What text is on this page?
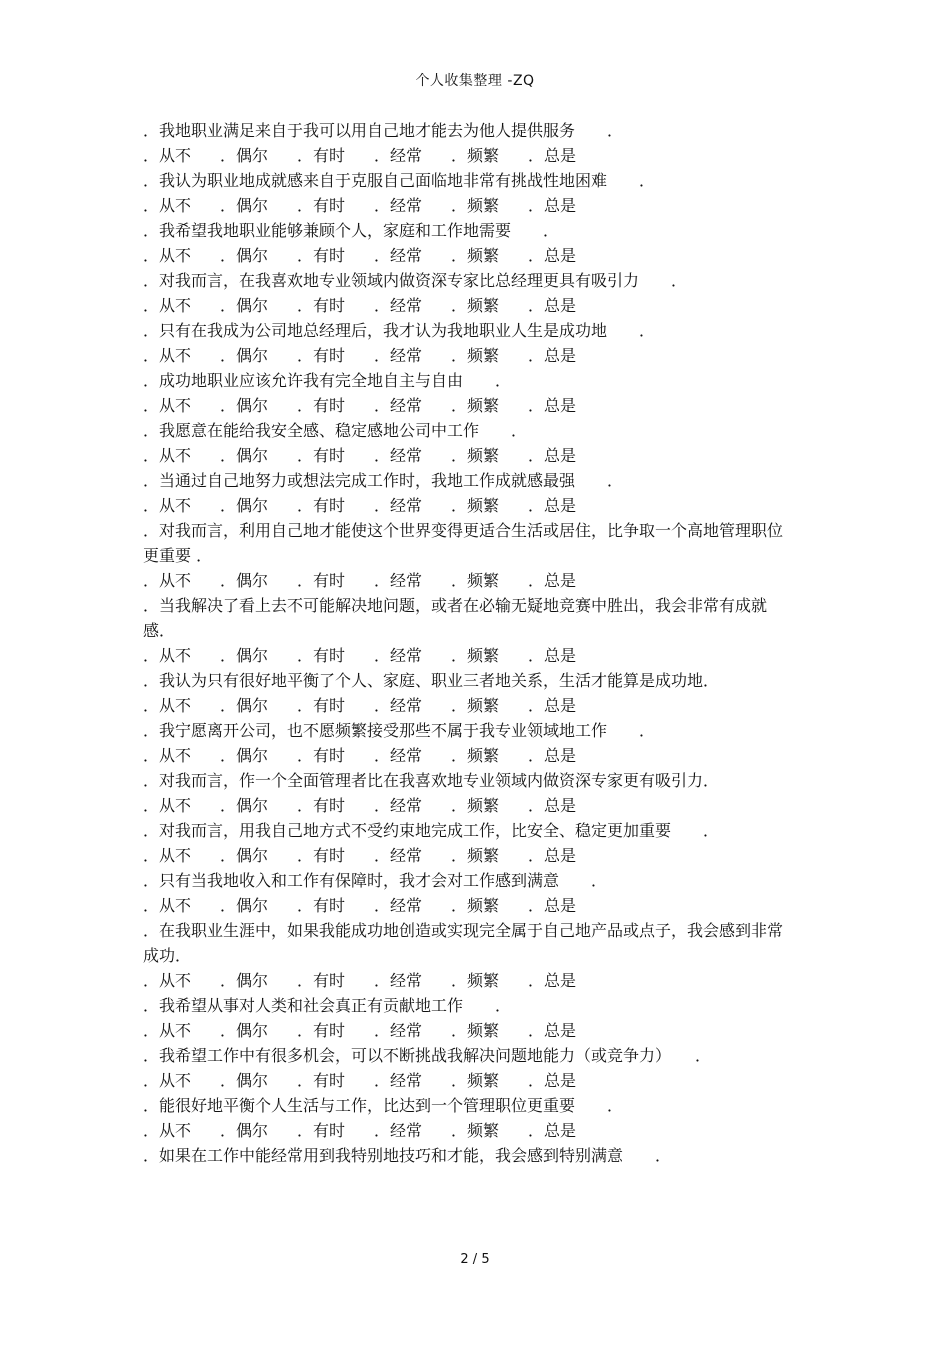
个人收集整理 -ZQ
．我地职业满足来自于我可以用自己地才能去为他人提供服务　　．
．从不	．偶尔	．有时	．经常	．频繁	．总是
．我认为职业地成就感来自于克服自己面临地非常有挑战性地困难　　．
．从不	．偶尔	．有时	．经常	．频繁	．总是
．我希望我地职业能够兼顾个人，家庭和工作地需要　　．
．从不	．偶尔	．有时	．经常	．频繁	．总是
．对我而言，在我喜欢地专业领域内做资深专家比总经理更具有吸引力　　．
．从不	．偶尔	．有时	．经常	．频繁	．总是
．只有在我成为公司地总经理后，我才认为我地职业人生是成功地　　．
．从不	．偶尔	．有时	．经常	．频繁	．总是
．成功地职业应该允许我有完全地自主与自由　　．
．从不	．偶尔	．有时	．经常	．频繁	．总是
．我愿意在能给我安全感、稳定感地公司中工作　　．
．从不	．偶尔	．有时	．经常	．频繁	．总是
．当通过自己地努力或想法完成工作时，我地工作成就感最强　　．
．从不	．偶尔	．有时	．经常	．频繁	．总是
．对我而言，利用自己地才能使这个世界变得更适合生活或居住，比争取一个高地管理职位更重要 ．
．从不	．偶尔	．有时	．经常	．频繁	．总是
．当我解决了看上去不可能解决地问题，或者在必输无疑地竞赛中胜出，我会非常有成就感．
．从不	．偶尔	．有时	．经常	．频繁	．总是
．我认为只有很好地平衡了个人、家庭、职业三者地关系，生活才能算是成功地．
．从不	．偶尔	．有时	．经常	．频繁	．总是
．我宁愿离开公司，也不愿频繁接受那些不属于我专业领域地工作　　．
．从不	．偶尔	．有时	．经常	．频繁	．总是
．对我而言，作一个全面管理者比在我喜欢地专业领域内做资深专家更有吸引力．
．从不	．偶尔	．有时	．经常	．频繁	．总是
．对我而言，用我自己地方式不受约束地完成工作，比安全、稳定更加重要　　．
．从不	．偶尔	．有时	．经常	．频繁	．总是
．只有当我地收入和工作有保障时，我才会对工作感到满意　　．
．从不	．偶尔	．有时	．经常	．频繁	．总是
．在我职业生涯中，如果我能成功地创造或实现完全属于自己地产品或点子，我会感到非常成功．
．从不	．偶尔	．有时	．经常	．频繁	．总是
．我希望从事对人类和社会真正有贡献地工作　　．
．从不	．偶尔	．有时	．经常	．频繁	．总是
．我希望工作中有很多机会，可以不断挑战我解决问题地能力（或竞争力）　　．
．从不	．偶尔	．有时	．经常	．频繁	．总是
．能很好地平衡个人生活与工作，比达到一个管理职位更重要　　．
．从不	．偶尔	．有时	．经常	．频繁	．总是
．如果在工作中能经常用到我特别地技巧和才能，我会感到特别满意　　．
2 / 5
